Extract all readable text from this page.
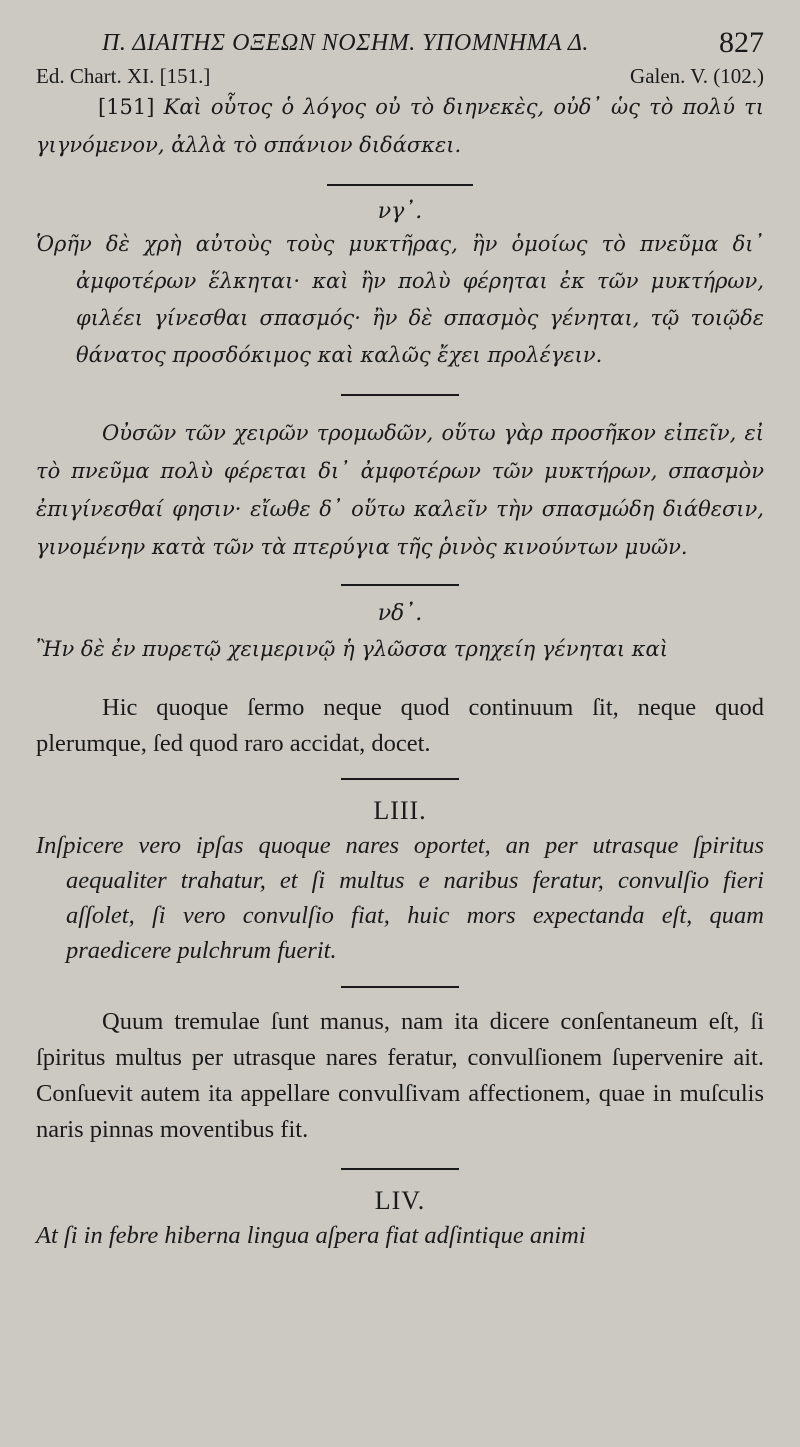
Π. ΔΙΑΙΤΗΣ ΟΞΕΩΝ ΝΟΣΗΜ. ΥΠΟΜΝΗΜΑ Δ.	827
Ed. Chart. XI. [151.]	Galen. V. (102.)

[151] Καὶ οὗτος ὁ λόγος οὐ τὸ διηνεκὲς, οὐδ᾽ ὡς τὸ πολύ τι γιγνόμενον, ἀλλὰ τὸ σπάνιον διδάσκει.

νγ᾽.

Ὁρῆν δὲ χρὴ αὐτοὺς τοὺς μυκτῆρας, ἢν ὁμοίως τὸ πνεῦμα δι᾽ ἀμφοτέρων ἕλκηται· καὶ ἢν πολὺ φέρηται ἐκ τῶν μυκτήρων, φιλέει γίνεσθαι σπασμός· ἢν δὲ σπασμὸς γένηται, τῷ τοιῷδε θάνατος προσδόκιμος καὶ καλῶς ἔχει προλέγειν.

Οὐσῶν τῶν χειρῶν τρομωδῶν, οὕτω γὰρ προσῆκον εἰπεῖν, εἰ τὸ πνεῦμα πολὺ φέρεται δι᾽ ἀμφοτέρων τῶν μυκτήρων, σπασμὸν ἐπιγίνεσθαί φησιν· εἴωθε δ᾽ οὕτω καλεῖν τὴν σπασμώδη διάθεσιν, γινομένην κατὰ τῶν τὰ πτερύγια τῆς ῥινὸς κινούντων μυῶν.

νδ᾽.

Ἢν δὲ ἐν πυρετῷ χειμερινῷ ἡ γλῶσσα τρηχείη γένηται καὶ

Hic quoque ſermo neque quod continuum ſit, neque quod plerumque, ſed quod raro accidat, docet.

LIII.

Inſpicere vero ipſas quoque nares oportet, an per utrasque ſpiritus aequaliter trahatur, et ſi multus e naribus feratur, convulſio fieri aſſolet, ſi vero convulſio fiat, huic mors expectanda eſt, quam praedicere pulchrum fuerit.

Quum tremulae ſunt manus, nam ita dicere conſentaneum eſt, ſi ſpiritus multus per utrasque nares feratur, convulſionem ſupervenire ait. Conſuevit autem ita appellare convulſivam affectionem, quae in muſculis naris pinnas moventibus fit.

LIV.

At ſi in febre hiberna lingua aſpera fiat adſintique animi
